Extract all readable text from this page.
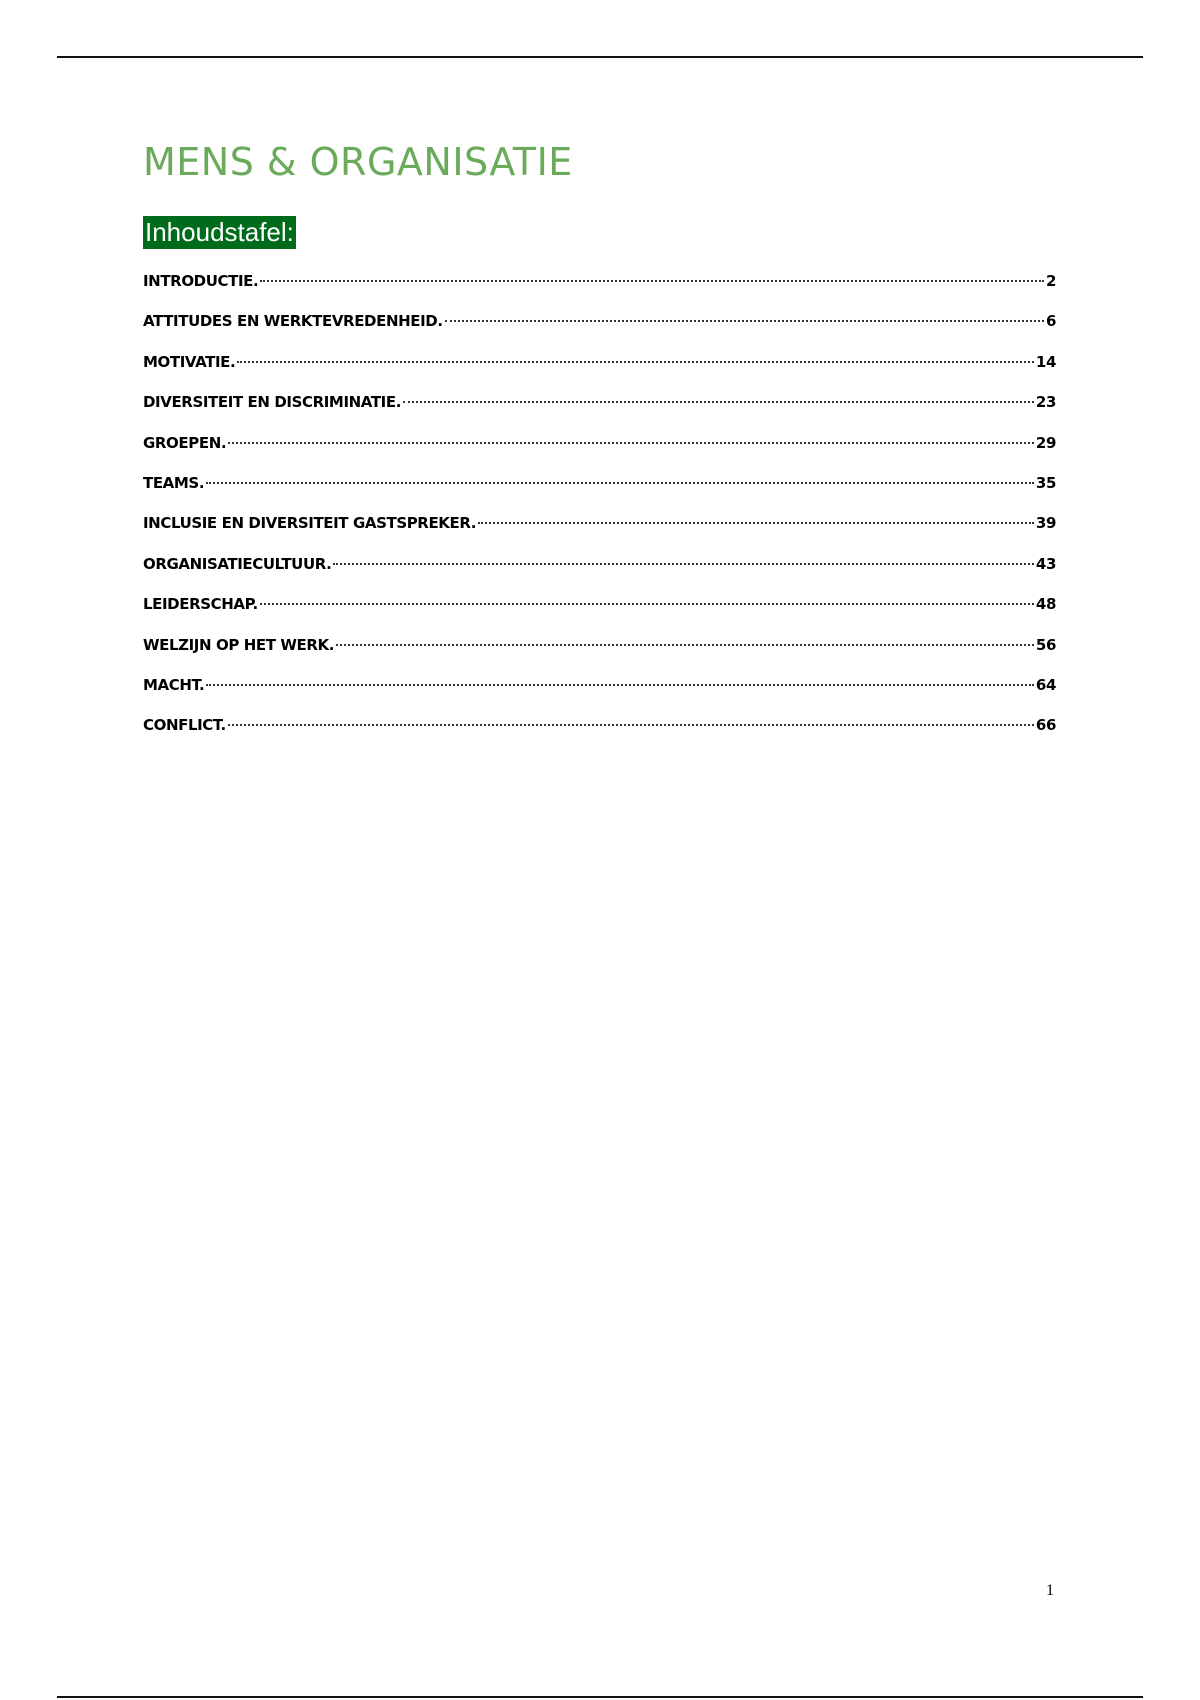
MENS & ORGANISATIE
Inhoudstafel:
INTRODUCTIE.	2
ATTITUDES EN WERKTEVREDENHEID.	6
MOTIVATIE.	14
DIVERSITEIT EN DISCRIMINATIE.	23
GROEPEN.	29
TEAMS.	35
INCLUSIE EN DIVERSITEIT GASTSPREKER.	39
ORGANISATIECULTUUR.	43
LEIDERSCHAP.	48
WELZIJN OP HET WERK.	56
MACHT.	64
CONFLICT.	66
1
